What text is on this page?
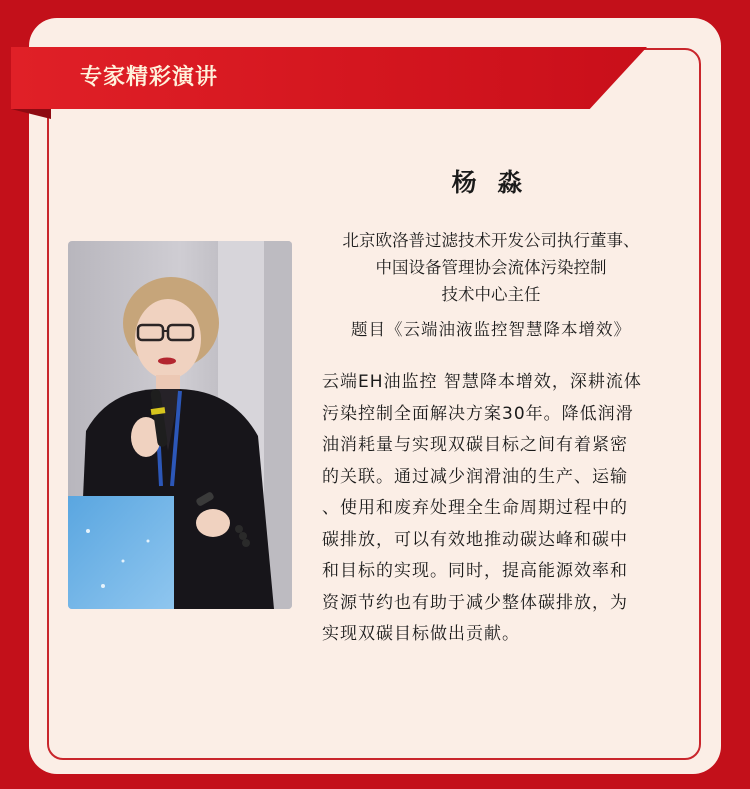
专家精彩演讲
杨 淼
北京欧洛普过滤技术开发公司执行董事、
中国设备管理协会流体污染控制
技术中心主任
题目《云端油液监控智慧降本增效》
云端EH油监控 智慧降本增效，深耕流体
污染控制全面解决方案30年。降低润滑
油消耗量与实现双碳目标之间有着紧密
的关联。通过减少润滑油的生产、运输
、使用和废弃处理全生命周期过程中的
碳排放，可以有效地推动碳达峰和碳中
和目标的实现。同时，提高能源效率和
资源节约也有助于减少整体碳排放，为
实现双碳目标做出贡献。
